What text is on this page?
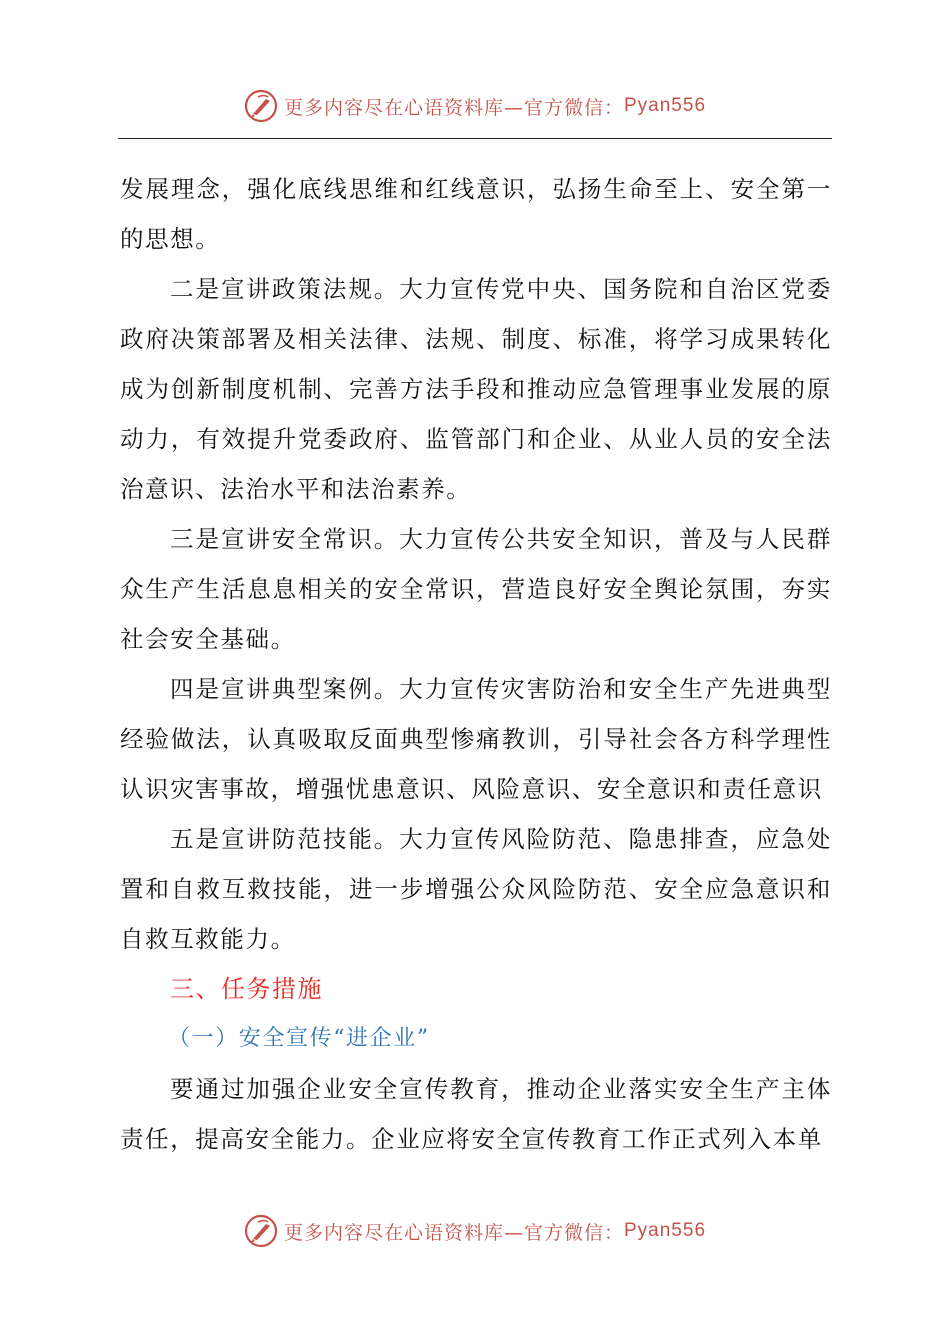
更多内容尽在心语资料库—官方微信： Pyan556

发展理念，强化底线思维和红线意识，弘扬生命至上、安全第一的思想。

二是宣讲政策法规。大力宣传党中央、国务院和自治区党委政府决策部署及相关法律、法规、制度、标准，将学习成果转化成为创新制度机制、完善方法手段和推动应急管理事业发展的原动力，有效提升党委政府、监管部门和企业、从业人员的安全法治意识、法治水平和法治素养。

三是宣讲安全常识。大力宣传公共安全知识，普及与人民群众生产生活息息相关的安全常识，营造良好安全舆论氛围，夯实社会安全基础。

四是宣讲典型案例。大力宣传灾害防治和安全生产先进典型经验做法，认真吸取反面典型惨痛教训，引导社会各方科学理性认识灾害事故，增强忧患意识、风险意识、安全意识和责任意识

五是宣讲防范技能。大力宣传风险防范、隐患排查，应急处置和自救互救技能，进一步增强公众风险防范、安全应急意识和自救互救能力。

三、任务措施

（一）安全宣传“进企业”

要通过加强企业安全宣传教育，推动企业落实安全生产主体责任，提高安全能力。企业应将安全宣传教育工作正式列入本单

更多内容尽在心语资料库—官方微信： Pyan556
